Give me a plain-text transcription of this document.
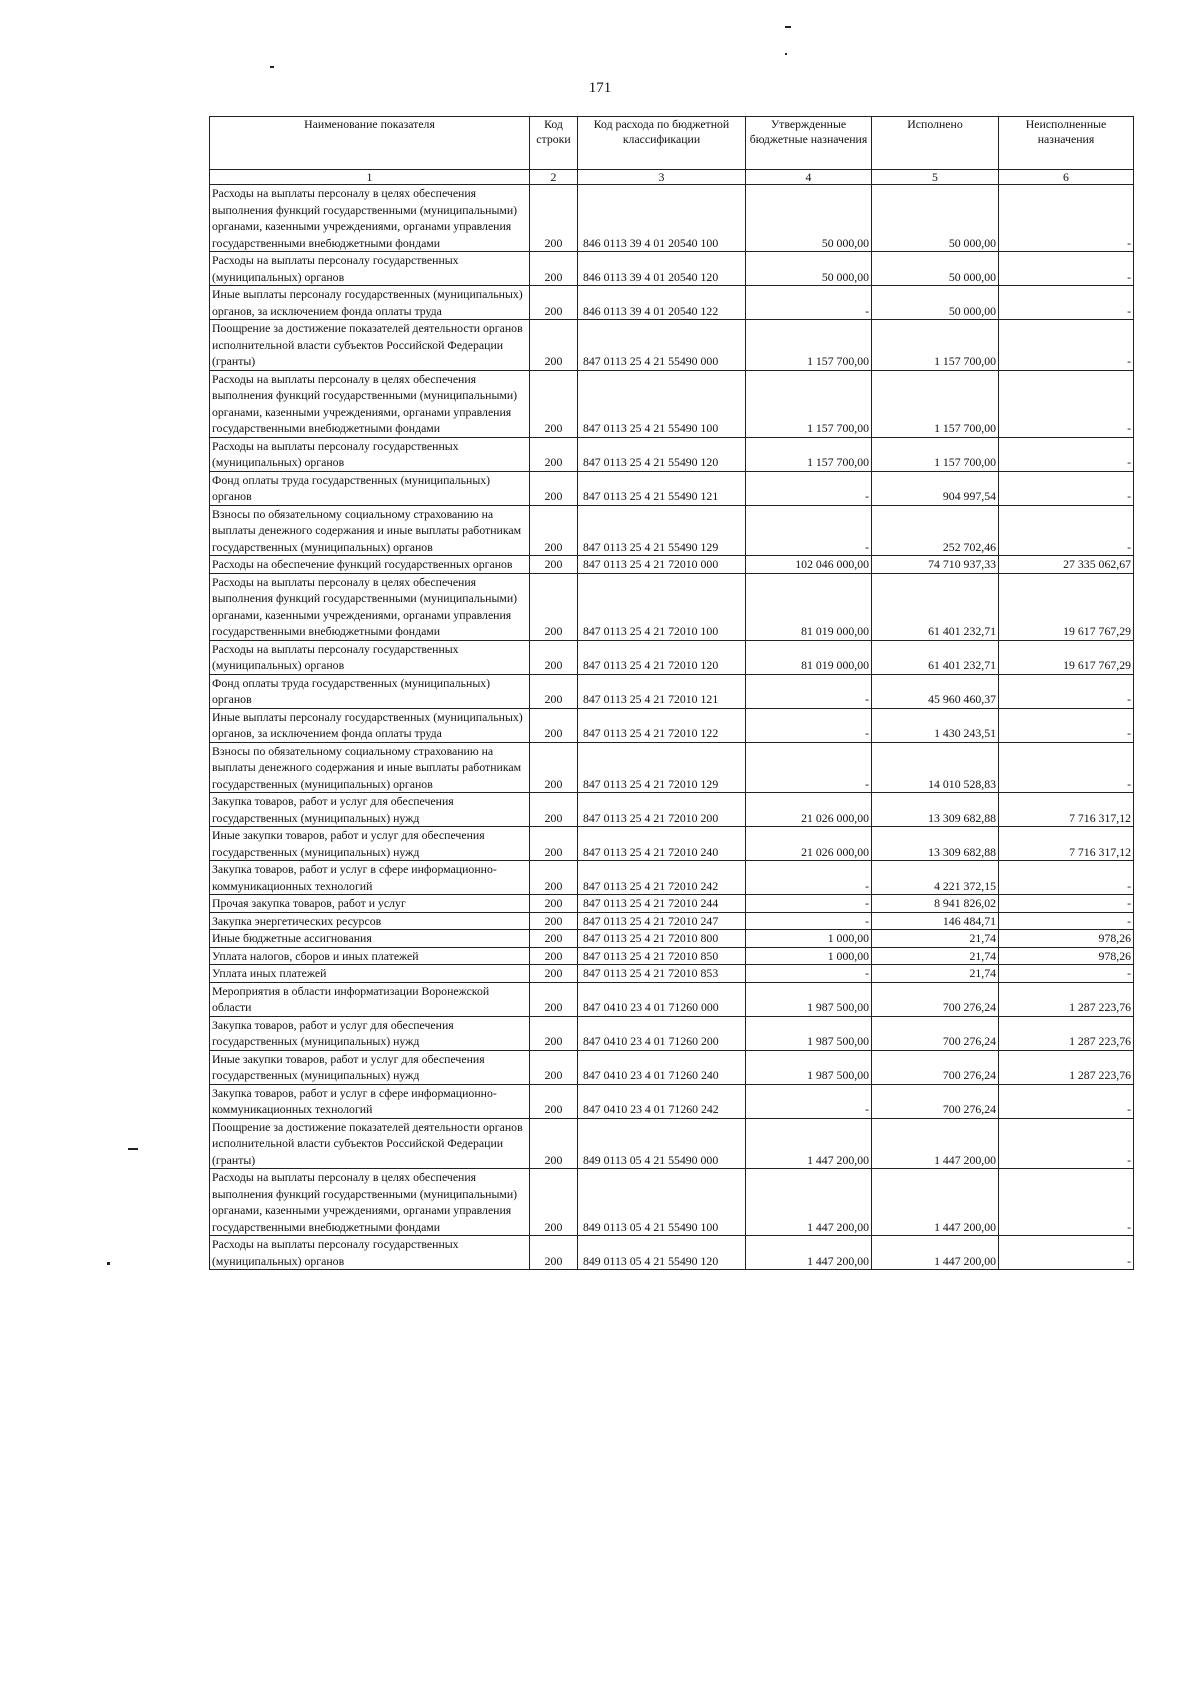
171
Наименование показателя	Код строки	Код расхода по бюджетной классификации	Утвержденные бюджетные назначения	Исполнено	Неисполненные назначения
1	2	3	4	5	6
Расходы на выплаты персоналу в целях обеспечения выполнения функций государственными (муниципальными) органами, казенными учреждениями, органами управления государственными внебюджетными фондами	200	846 0113 39 4 01 20540 100	50 000,00	50 000,00	-
Расходы на выплаты персоналу государственных (муниципальных) органов	200	846 0113 39 4 01 20540 120	50 000,00	50 000,00	-
Иные выплаты персоналу государственных (муниципальных) органов, за исключением фонда оплаты труда	200	846 0113 39 4 01 20540 122	-	50 000,00	-
Поощрение за достижение показателей деятельности органов исполнительной власти субъектов Российской Федерации (гранты)	200	847 0113 25 4 21 55490 000	1 157 700,00	1 157 700,00	-
Расходы на выплаты персоналу в целях обеспечения выполнения функций государственными (муниципальными) органами, казенными учреждениями, органами управления государственными внебюджетными фондами	200	847 0113 25 4 21 55490 100	1 157 700,00	1 157 700,00	-
Расходы на выплаты персоналу государственных (муниципальных) органов	200	847 0113 25 4 21 55490 120	1 157 700,00	1 157 700,00	-
Фонд оплаты труда государственных (муниципальных) органов	200	847 0113 25 4 21 55490 121	-	904 997,54	-
Взносы по обязательному социальному страхованию на выплаты денежного содержания и иные выплаты работникам государственных (муниципальных) органов	200	847 0113 25 4 21 55490 129	-	252 702,46	-
Расходы на обеспечение функций государственных органов	200	847 0113 25 4 21 72010 000	102 046 000,00	74 710 937,33	27 335 062,67
Расходы на выплаты персоналу в целях обеспечения выполнения функций государственными (муниципальными) органами, казенными учреждениями, органами управления государственными внебюджетными фондами	200	847 0113 25 4 21 72010 100	81 019 000,00	61 401 232,71	19 617 767,29
Расходы на выплаты персоналу государственных (муниципальных) органов	200	847 0113 25 4 21 72010 120	81 019 000,00	61 401 232,71	19 617 767,29
Фонд оплаты труда государственных (муниципальных) органов	200	847 0113 25 4 21 72010 121	-	45 960 460,37	-
Иные выплаты персоналу государственных (муниципальных) органов, за исключением фонда оплаты труда	200	847 0113 25 4 21 72010 122	-	1 430 243,51	-
Взносы по обязательному социальному страхованию на выплаты денежного содержания и иные выплаты работникам государственных (муниципальных) органов	200	847 0113 25 4 21 72010 129	-	14 010 528,83	-
Закупка товаров, работ и услуг для обеспечения государственных (муниципальных) нужд	200	847 0113 25 4 21 72010 200	21 026 000,00	13 309 682,88	7 716 317,12
Иные закупки товаров, работ и услуг для обеспечения государственных (муниципальных) нужд	200	847 0113 25 4 21 72010 240	21 026 000,00	13 309 682,88	7 716 317,12
Закупка товаров, работ и услуг в сфере информационно-коммуникационных технологий	200	847 0113 25 4 21 72010 242	-	4 221 372,15	-
Прочая закупка товаров, работ и услуг	200	847 0113 25 4 21 72010 244	-	8 941 826,02	-
Закупка энергетических ресурсов	200	847 0113 25 4 21 72010 247	-	146 484,71	-
Иные бюджетные ассигнования	200	847 0113 25 4 21 72010 800	1 000,00	21,74	978,26
Уплата налогов, сборов и иных платежей	200	847 0113 25 4 21 72010 850	1 000,00	21,74	978,26
Уплата иных платежей	200	847 0113 25 4 21 72010 853	-	21,74	-
Мероприятия в области информатизации Воронежской области	200	847 0410 23 4 01 71260 000	1 987 500,00	700 276,24	1 287 223,76
Закупка товаров, работ и услуг для обеспечения государственных (муниципальных) нужд	200	847 0410 23 4 01 71260 200	1 987 500,00	700 276,24	1 287 223,76
Иные закупки товаров, работ и услуг для обеспечения государственных (муниципальных) нужд	200	847 0410 23 4 01 71260 240	1 987 500,00	700 276,24	1 287 223,76
Закупка товаров, работ и услуг в сфере информационно-коммуникационных технологий	200	847 0410 23 4 01 71260 242	-	700 276,24	-
Поощрение за достижение показателей деятельности органов исполнительной власти субъектов Российской Федерации (гранты)	200	849 0113 05 4 21 55490 000	1 447 200,00	1 447 200,00	-
Расходы на выплаты персоналу в целях обеспечения выполнения функций государственными (муниципальными) органами, казенными учреждениями, органами управления государственными внебюджетными фондами	200	849 0113 05 4 21 55490 100	1 447 200,00	1 447 200,00	-
Расходы на выплаты персоналу государственных (муниципальных) органов	200	849 0113 05 4 21 55490 120	1 447 200,00	1 447 200,00	-
